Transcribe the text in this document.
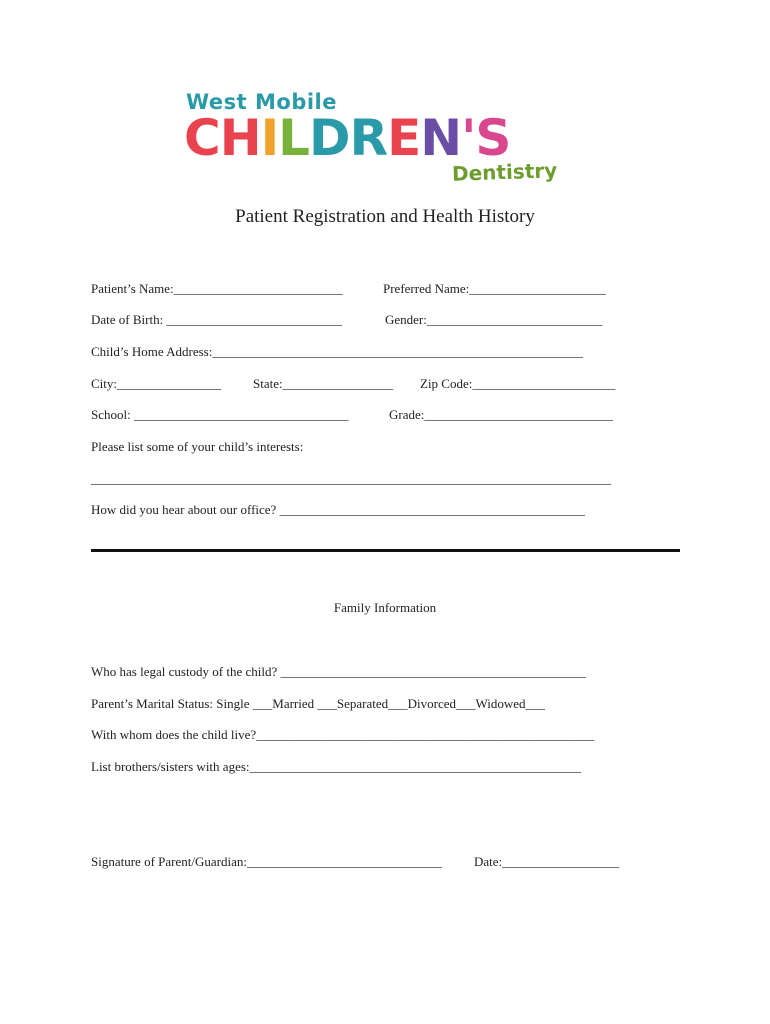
West Mobile
CHILDREN'S
Dentistry
Patient Registration and Health History
Patient’s Name:__________________________	Preferred Name:_____________________
Date of Birth: ___________________________	Gender:___________________________
Child’s Home Address:_________________________________________________________
City:________________ State:_________________ Zip Code:______________________
School: _________________________________	Grade:_____________________________
Please list some of your child’s interests:
________________________________________________________________________________
How did you hear about our office? _______________________________________________
Family Information
Who has legal custody of the child? _______________________________________________
Parent’s Marital Status: Single ___Married ___Separated___Divorced___Widowed___
With whom does the child live?____________________________________________________
List brothers/sisters with ages:___________________________________________________
Signature of Parent/Guardian:______________________________ Date:__________________
